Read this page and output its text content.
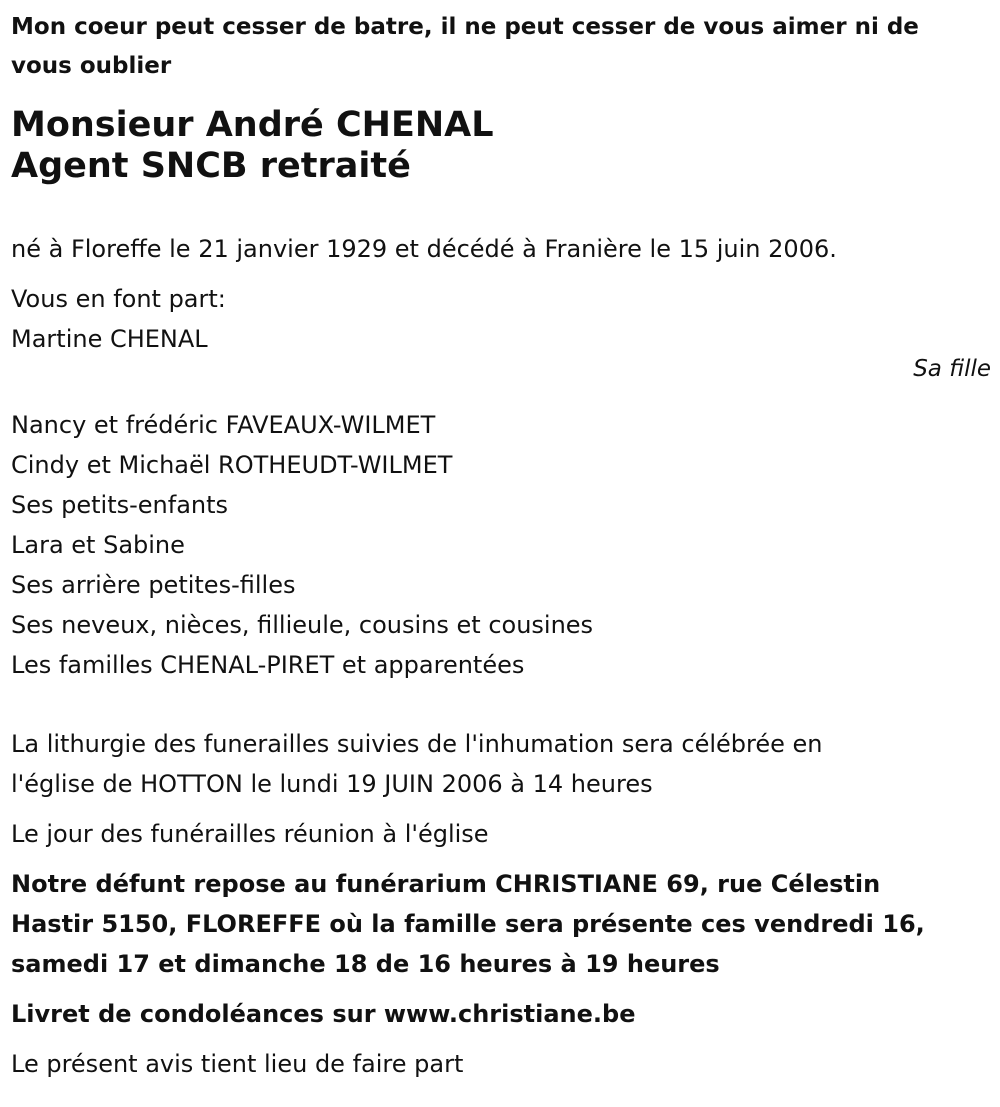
Mon coeur peut cesser de batre, il ne peut cesser de vous aimer ni de

vous oublier

Monsieur André CHENAL
Agent SNCB retraité

né à Floreffe le 21 janvier 1929 et décédé à Franière le 15 juin 2006.

Vous en font part:

Martine CHENAL

Sa fille

Nancy et frédéric FAVEAUX-WILMET

Cindy et Michaël ROTHEUDT-WILMET

Ses petits-enfants

Lara et Sabine

Ses arrière petites-filles

Ses neveux, nièces, fillieule, cousins et cousines

Les familles CHENAL-PIRET et apparentées

La lithurgie des funerailles suivies de l'inhumation sera célébrée en

l'église de HOTTON le lundi 19 JUIN 2006 à 14 heures

Le jour des funérailles réunion à l'église

Notre défunt repose au funérarium CHRISTIANE 69, rue Célestin
Hastir 5150, FLOREFFE où la famille sera présente ces vendredi 16,
samedi 17 et dimanche 18 de 16 heures à 19 heures

Livret de condoléances sur www.christiane.be

Le présent avis tient lieu de faire part
